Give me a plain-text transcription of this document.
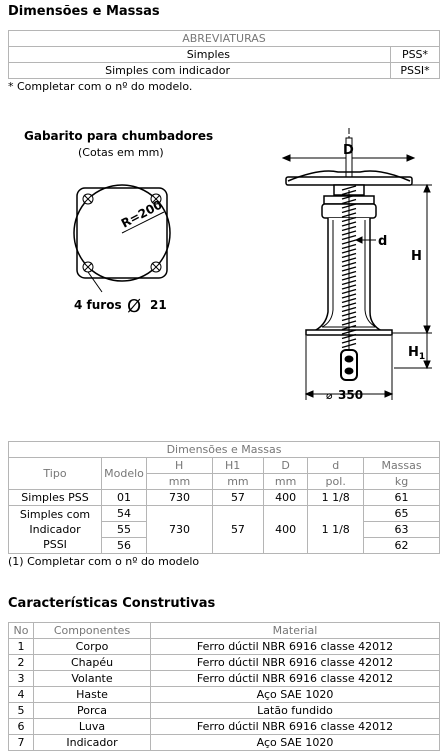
Dimensões e Massas
ABREVIATURAS	
Simples	PSS*
Simples com indicador	PSSI*
* Completar com o nº do modelo.
Gabarito para chumbadores
(Cotas em mm)
R=200
4 furos Ø 21
D
d
H
$H_1$
⌀ 350
Dimensões e Massas						
Tipo	Modelo	H	H1	D	d	Massas
		mm	mm	mm	pol.	kg
Simples PSS	01	730	57	400	1 1/8	61

Simples com
Indicador
PSSI	54	730	57	400	1 1/8	65
	55					63
	56					62
(1) Completar com o nº do modelo
Características Construtivas
No	Componentes	Material
1	Corpo	Ferro dúctil NBR 6916 classe 42012
2	Chapéu	Ferro dúctil NBR 6916 classe 42012
3	Volante	Ferro dúctil NBR 6916 classe 42012
4	Haste	Aço SAE 1020
5	Porca	Latão fundido
6	Luva	Ferro dúctil NBR 6916 classe 42012
7	Indicador	Aço SAE 1020
